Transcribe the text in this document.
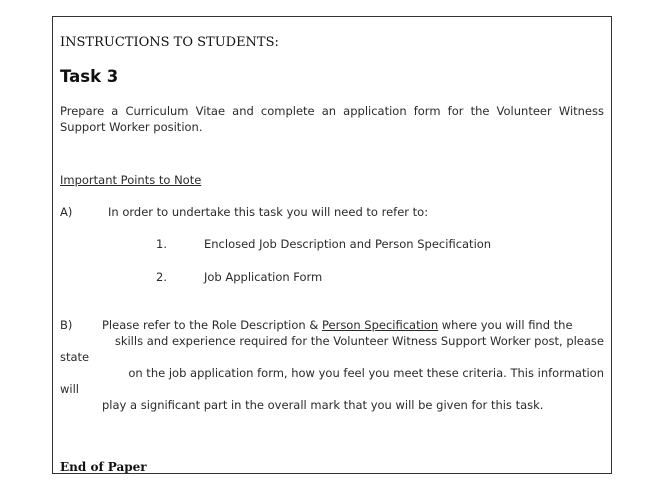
INSTRUCTIONS TO STUDENTS:
Task 3
Prepare a Curriculum Vitae and complete an application form for the Volunteer Witness Support Worker position.
Important Points to Note
A)	In order to undertake this task you will need to refer to:
1.	Enclosed Job Description and Person Specification
2.	Job Application Form
B)	Please refer to the Role Description & Person Specification where you will find the
skills and experience required for the Volunteer Witness Support Worker post, please
state
on the job application form, how you feel you meet these criteria. This information
will
play a significant part in the overall mark that you will be given for this task.
End of Paper
